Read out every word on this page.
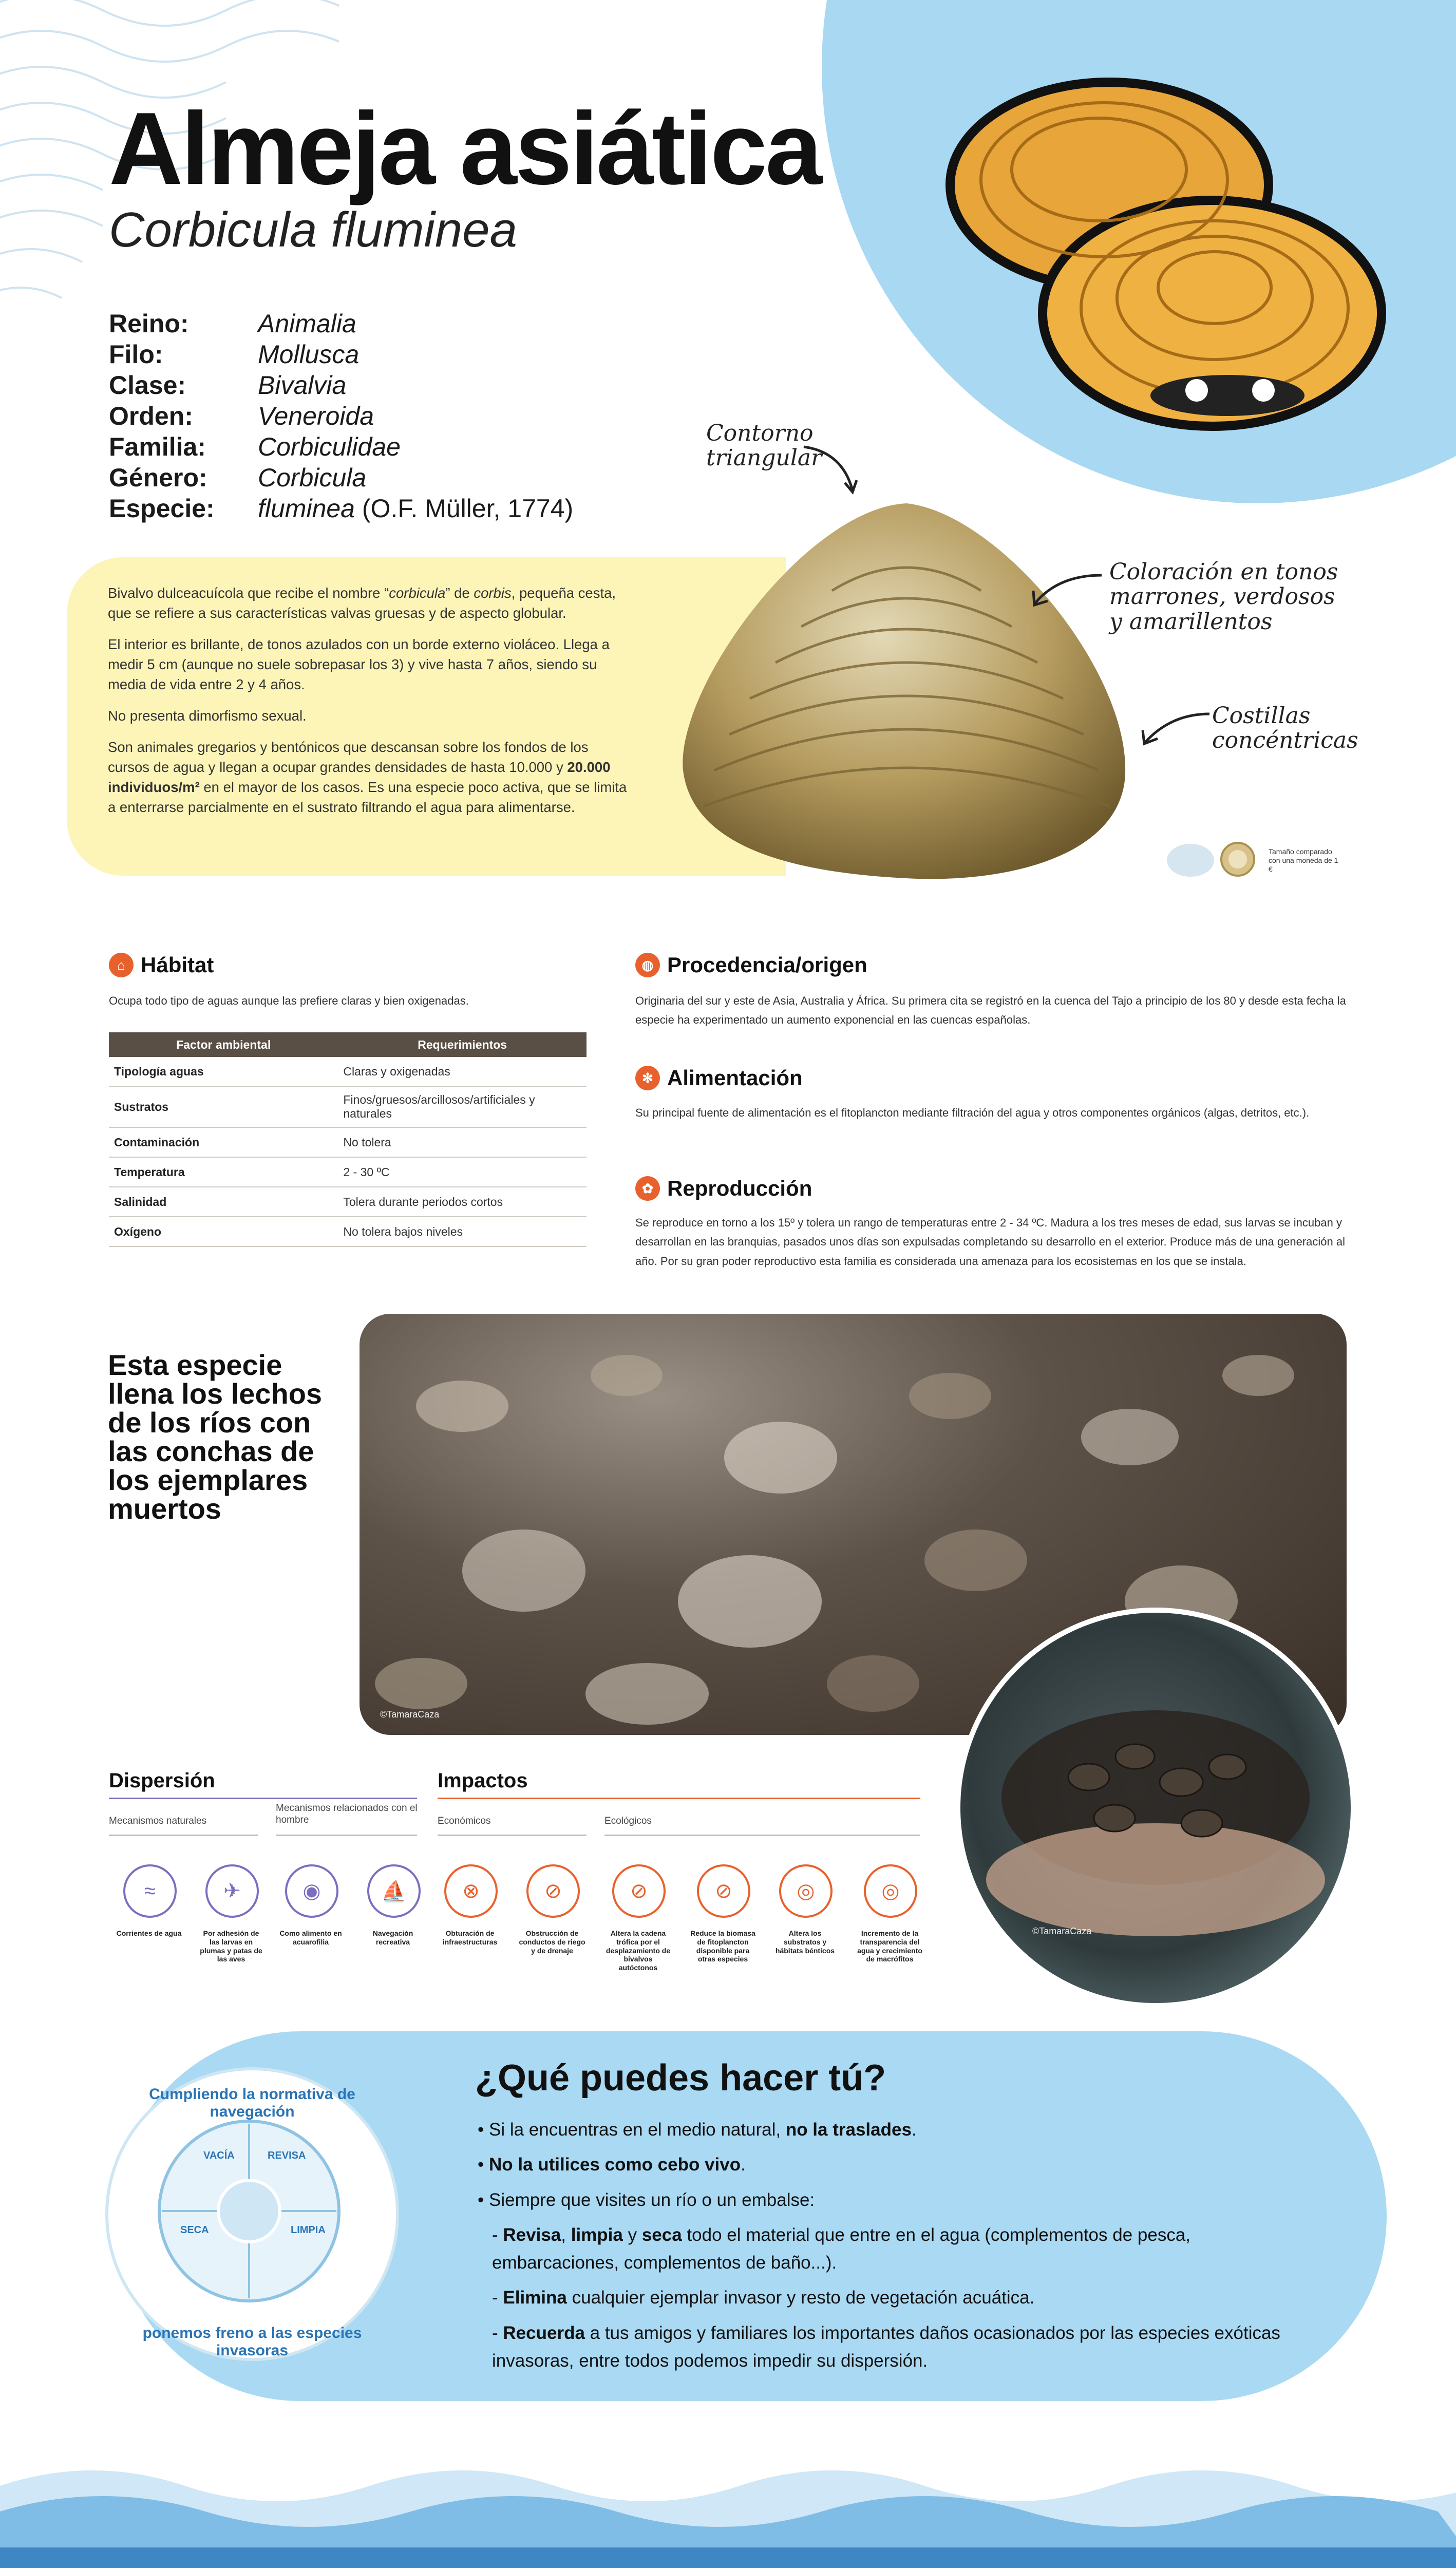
Almeja asiática
Corbicula fluminea
Reino:	Animalia
Filo:	Mollusca
Clase:	Bivalvia
Orden:	Veneroida
Familia:	Corbiculidae
Género:	Corbicula
Especie:	fluminea (O.F. Müller, 1774)

Bivalvo dulceacuícola que recibe el nombre “corbicula” de corbis, pequeña cesta, que se refiere a sus características valvas gruesas y de aspecto globular.

El interior es brillante, de tonos azulados con un borde externo violáceo. Llega a medir 5 cm (aunque no suele sobrepasar los 3) y vive hasta 7 años, siendo su media de vida entre 2 y 4 años.

No presenta dimorfismo sexual.

Son animales gregarios y bentónicos que descansan sobre los fondos de los cursos de agua y llegan a ocupar grandes densidades de hasta 10.000 y 20.000 individuos/m² en el mayor de los casos. Es una especie poco activa, que se limita a enterrarse parcialmente en el sustrato filtrando el agua para alimentarse.

Contorno triangular
Coloración en tonos marrones, verdosos y amarillentos
Costillas concéntricas
Tamaño comparado con una moneda de 1 €
⌂ Hábitat
Ocupa todo tipo de aguas aunque las prefiere claras y bien oxigenadas.
Factor ambiental	Requerimientos
Tipología aguas	Claras y oxigenadas
Sustratos	Finos/gruesos/arcillosos/artificiales y naturales
Contaminación	No tolera
Temperatura	2 - 30 ºC
Salinidad	Tolera durante periodos cortos
Oxígeno	No tolera bajos niveles
◍ Procedencia/origen
Originaria del sur y este de Asia, Australia y África. Su primera cita se registró en la cuenca del Tajo a principio de los 80 y desde esta fecha la especie ha experimentado un aumento exponencial en las cuencas españolas.
✻ Alimentación
Su principal fuente de alimentación es el fitoplancton mediante filtración del agua y otros componentes orgánicos (algas, detritos, etc.).
✿ Reproducción
Se reproduce en torno a los 15º y tolera un rango de temperaturas entre 2 - 34 ºC. Madura a los tres meses de edad, sus larvas se incuban y desarrollan en las branquias, pasados unos días son expulsadas completando su desarrollo en el exterior. Produce más de una generación al año. Por su gran poder reproductivo esta familia es considerada una amenaza para los ecosistemas en los que se instala.
Esta especie llena los lechos de los ríos con las conchas de los ejemplares muertos
©TamaraCaza
©TamaraCaza
Dispersión
Mecanismos naturales
Mecanismos relacionados con el hombre
≈
Corrientes de agua
✈
Por adhesión de las larvas en plumas y patas de las aves
◉
Como alimento en acuarofilia
⛵
Navegación recreativa
Impactos
Económicos	Ecológicos
⊗
Obturación de infraestructuras
⊘
Obstrucción de conductos de riego y de drenaje
⊘
Altera la cadena trófica por el desplazamiento de bivalvos autóctonos
⊘
Reduce la biomasa de fitoplancton disponible para otras especies
◎
Altera los substratos y hábitats bénticos
◎
Incremento de la transparencia del agua y crecimiento de macrófitos
Cumpliendo la normativa de navegación
ponemos freno a las especies invasoras
VACÍA	REVISA
SECA	LIMPIA
¿Qué puedes hacer tú?
• Si la encuentras en el medio natural, no la traslades.
• No la utilices como cebo vivo.
• Siempre que visites un río o un embalse:
- Revisa, limpia y seca todo el material que entre en el agua (complementos de pesca, embarcaciones, complementos de baño...).
- Elimina cualquier ejemplar invasor y resto de vegetación acuática.
- Recuerda a tus amigos y familiares los importantes daños ocasionados por las especies exóticas invasoras, entre todos podemos impedir su dispersión.
